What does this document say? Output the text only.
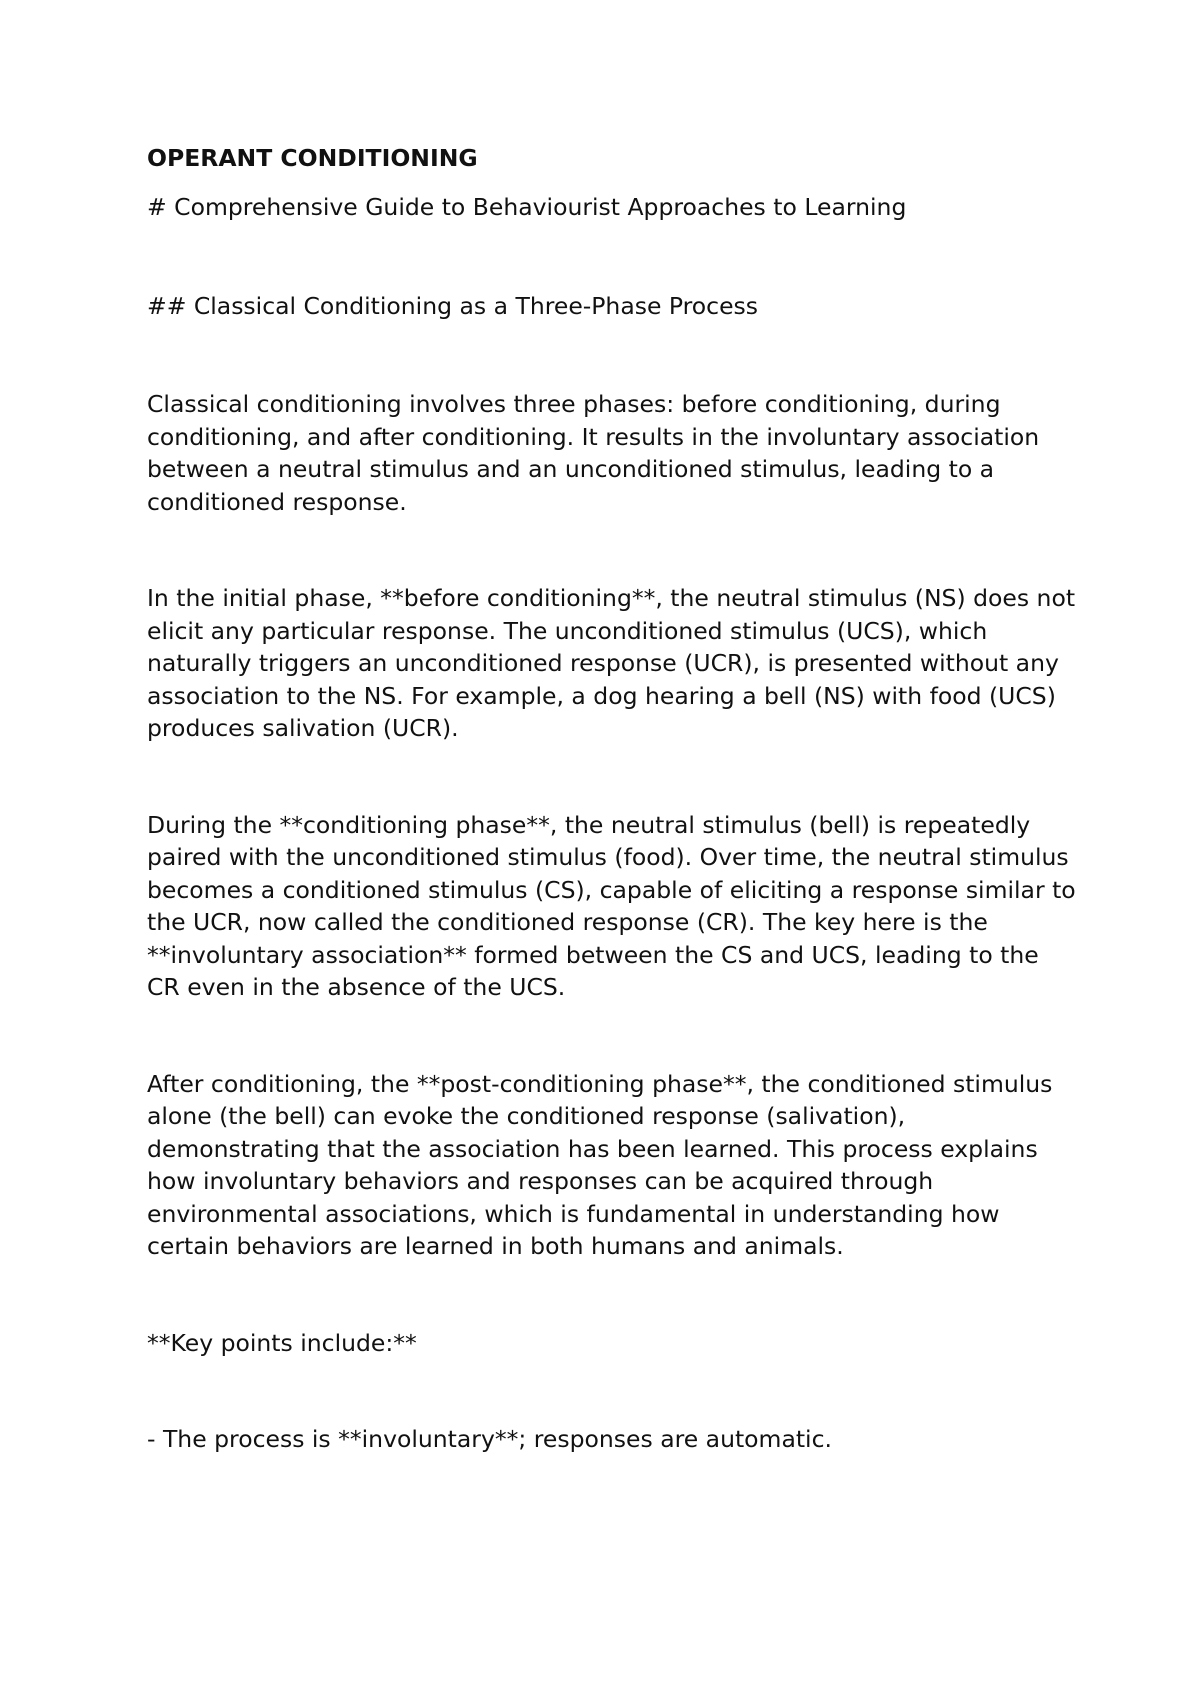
OPERANT CONDITIONING

# Comprehensive Guide to Behaviourist Approaches to Learning

## Classical Conditioning as a Three-Phase Process

Classical conditioning involves three phases: before conditioning, during conditioning, and after conditioning. It results in the involuntary association between a neutral stimulus and an unconditioned stimulus, leading to a conditioned response.

In the initial phase, **before conditioning**, the neutral stimulus (NS) does not elicit any particular response. The unconditioned stimulus (UCS), which naturally triggers an unconditioned response (UCR), is presented without any association to the NS. For example, a dog hearing a bell (NS) with food (UCS) produces salivation (UCR).

During the **conditioning phase**, the neutral stimulus (bell) is repeatedly paired with the unconditioned stimulus (food). Over time, the neutral stimulus becomes a conditioned stimulus (CS), capable of eliciting a response similar to the UCR, now called the conditioned response (CR). The key here is the **involuntary association** formed between the CS and UCS, leading to the CR even in the absence of the UCS.

After conditioning, the **post-conditioning phase**, the conditioned stimulus alone (the bell) can evoke the conditioned response (salivation), demonstrating that the association has been learned. This process explains how involuntary behaviors and responses can be acquired through environmental associations, which is fundamental in understanding how certain behaviors are learned in both humans and animals.

**Key points include:**

- The process is **involuntary**; responses are automatic.
